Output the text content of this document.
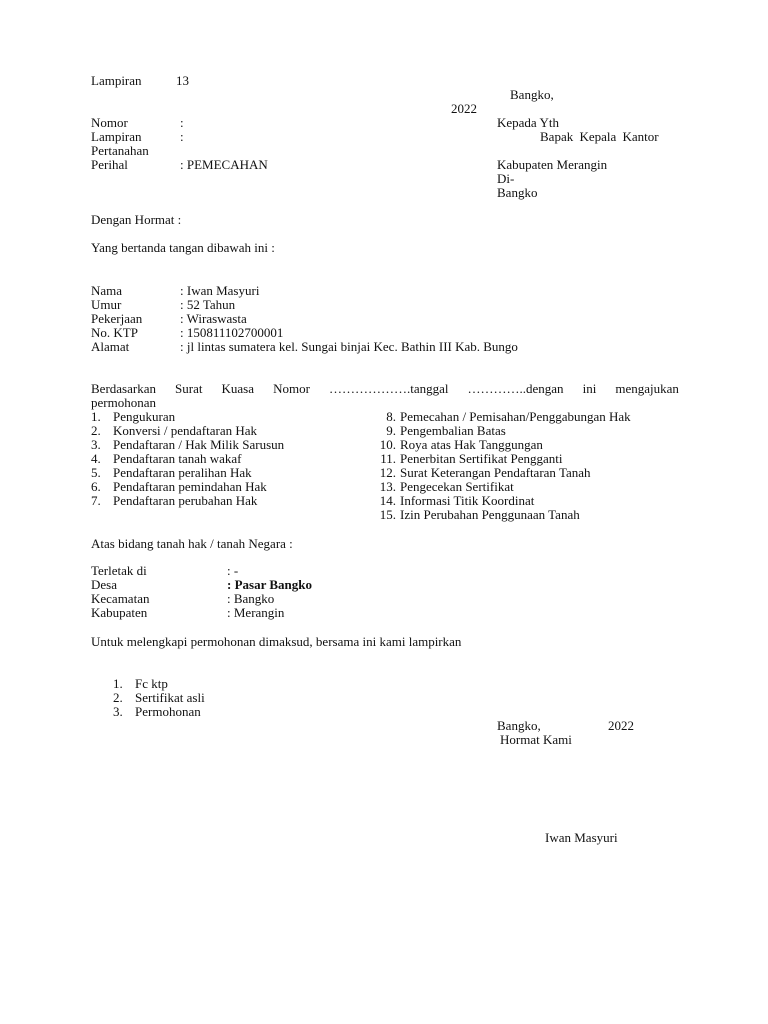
Lampiran	13
Bangko,
2022
Nomor	:	Kepada Yth
Lampiran	:	Bapak Kepala Kantor
Pertanahan
Perihal	: PEMECAHAN	Kabupaten Merangin
Di-
Bangko
Dengan Hormat :
Yang bertanda tangan dibawah ini :
Nama	: Iwan Masyuri
Umur	: 52 Tahun
Pekerjaan	: Wiraswasta
No. KTP	: 150811102700001
Alamat	: jl lintas sumatera kel. Sungai binjai Kec. Bathin III Kab. Bungo
Berdasarkan Surat Kuasa Nomor ……………….tanggal …………..dengan ini mengajukan
permohonan
1. Pengukuran
2. Konversi / pendaftaran Hak
3. Pendaftaran / Hak Milik Sarusun
4. Pendaftaran tanah wakaf
5. Pendaftaran peralihan Hak
6. Pendaftaran pemindahan Hak
7. Pendaftaran perubahan Hak
8. Pemecahan / Pemisahan/Penggabungan Hak
9. Pengembalian Batas
10. Roya atas Hak Tanggungan
11. Penerbitan Sertifikat Pengganti
12. Surat Keterangan Pendaftaran Tanah
13. Pengecekan Sertifikat
14. Informasi Titik Koordinat
15. Izin Perubahan Penggunaan Tanah
Atas bidang tanah hak / tanah Negara :
Terletak di	: -
Desa	: Pasar Bangko
Kecamatan	: Bangko
Kabupaten	: Merangin
Untuk melengkapi permohonan dimaksud, bersama ini kami lampirkan
1. Fc ktp
2. Sertifikat asli
3. Permohonan
Bangko,	2022
Hormat Kami
Iwan Masyuri
